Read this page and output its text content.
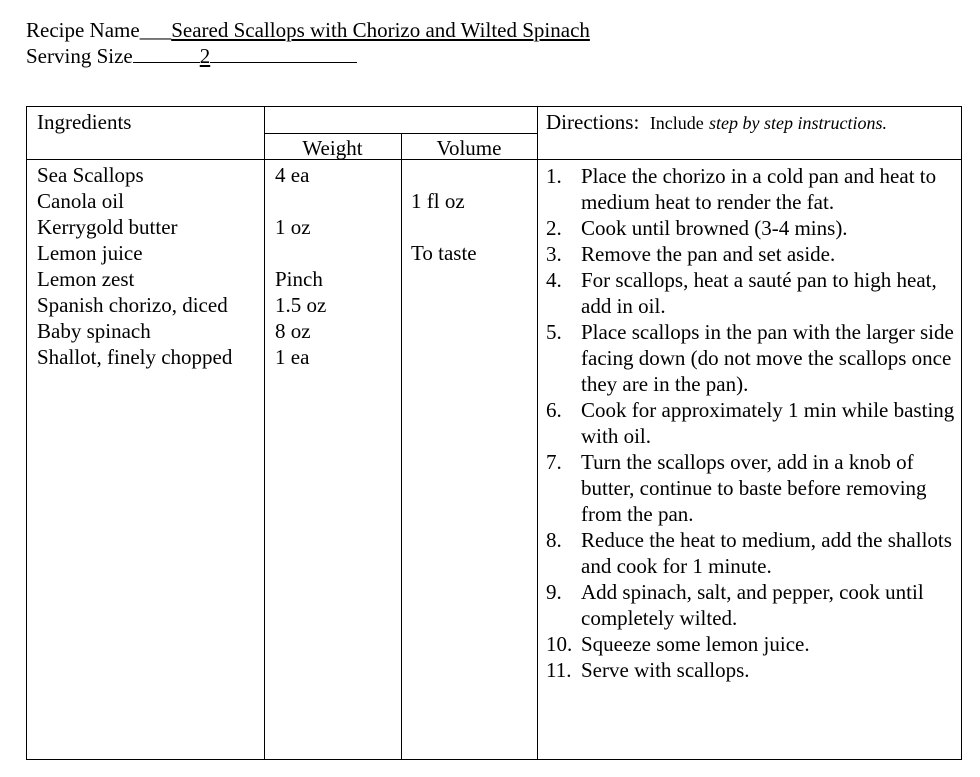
Recipe Name___Seared Scallops with Chorizo and Wilted Spinach
Serving Size	2
Ingredients
Weight	Volume
Directions: Include step by step instructions.
Sea Scallops
Canola oil
Kerrygold butter
Lemon juice
Lemon zest
Spanish chorizo, diced
Baby spinach
Shallot, finely chopped
4 ea
1 oz
Pinch
1.5 oz
8 oz
1 ea
1 fl oz
To taste
1. Place the chorizo in a cold pan and heat to medium heat to render the fat.
2. Cook until browned (3-4 mins).
3. Remove the pan and set aside.
4. For scallops, heat a sauté pan to high heat, add in oil.
5. Place scallops in the pan with the larger side facing down (do not move the scallops once they are in the pan).
6. Cook for approximately 1 min while basting with oil.
7. Turn the scallops over, add in a knob of butter, continue to baste before removing from the pan.
8. Reduce the heat to medium, add the shallots and cook for 1 minute.
9. Add spinach, salt, and pepper, cook until completely wilted.
10. Squeeze some lemon juice.
11. Serve with scallops.
